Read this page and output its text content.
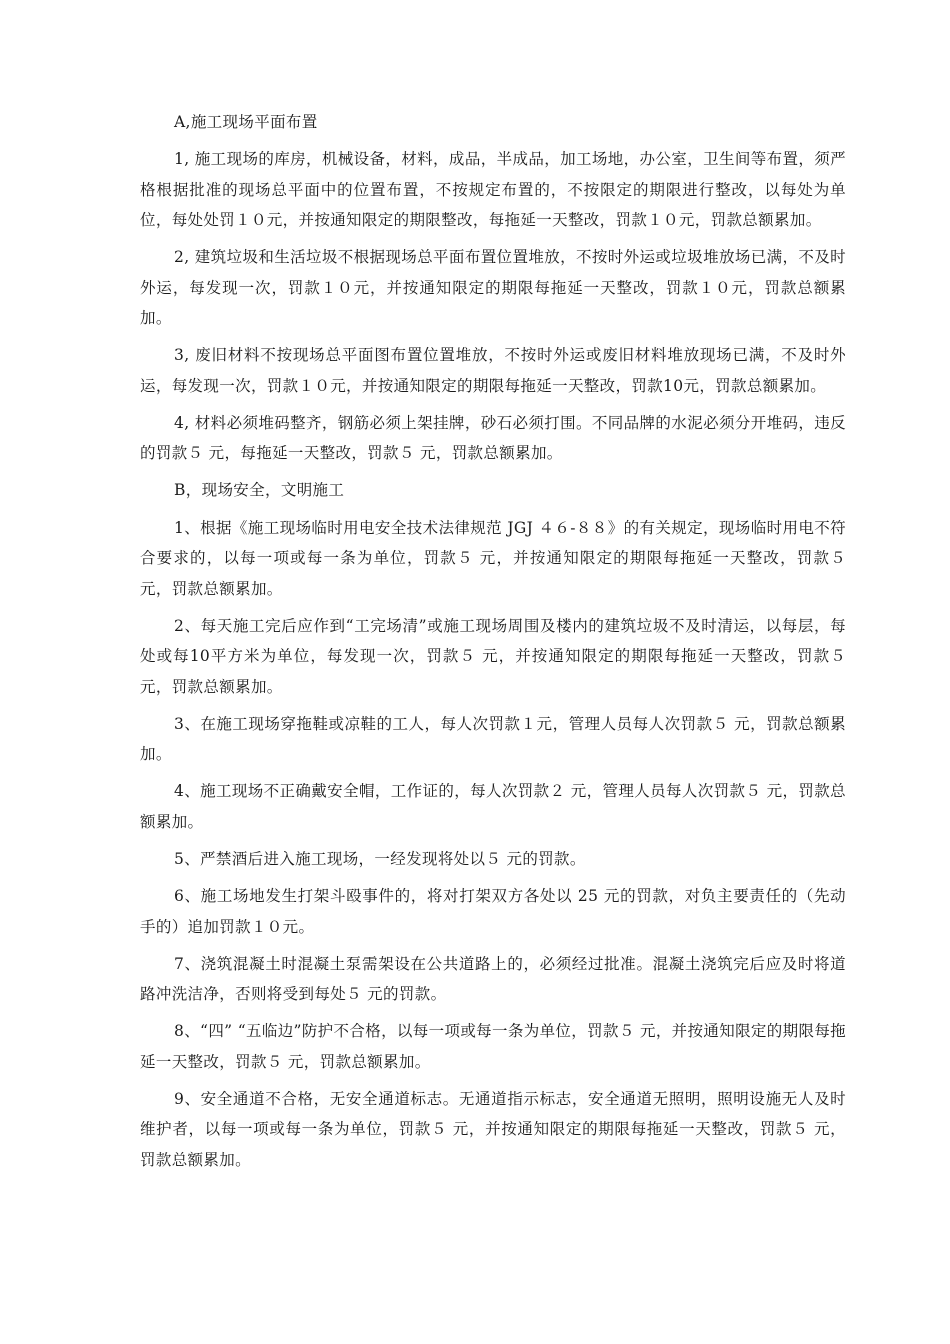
A,施工现场平面布置

1, 施工现场的库房，机械设备，材料，成品，半成品，加工场地，办公室，卫生间等布置，须严格根据批准的现场总平面中的位置布置，不按规定布置的，不按限定的期限进行整改，以每处为单位，每处处罚１０元，并按通知限定的期限整改，每拖延一天整改，罚款１０元，罚款总额累加。

2, 建筑垃圾和生活垃圾不根据现场总平面布置位置堆放，不按时外运或垃圾堆放场已满，不及时外运，每发现一次，罚款１０元，并按通知限定的期限每拖延一天整改，罚款１０元，罚款总额累加。

3, 废旧材料不按现场总平面图布置位置堆放，不按时外运或废旧材料堆放现场已满，不及时外运，每发现一次，罚款１０元，并按通知限定的期限每拖延一天整改，罚款10元，罚款总额累加。

4, 材料必须堆码整齐，钢筋必须上架挂牌，砂石必须打围。不同品牌的水泥必须分开堆码，违反的罚款５ 元，每拖延一天整改，罚款５ 元，罚款总额累加。

B，现场安全，文明施工

1、根据《施工现场临时用电安全技术法律规范 JGJ ４６-８８》的有关规定，现场临时用电不符合要求的，以每一项或每一条为单位，罚款５ 元，并按通知限定的期限每拖延一天整改，罚款５ 元，罚款总额累加。

2、每天施工完后应作到“工完场清”或施工现场周围及楼内的建筑垃圾不及时清运，以每层，每处或每10平方米为单位，每发现一次，罚款５ 元，并按通知限定的期限每拖延一天整改，罚款５ 元，罚款总额累加。

3、在施工现场穿拖鞋或凉鞋的工人，每人次罚款１元，管理人员每人次罚款５ 元，罚款总额累加。

4、施工现场不正确戴安全帽，工作证的，每人次罚款２ 元，管理人员每人次罚款５ 元，罚款总额累加。

5、严禁酒后进入施工现场，一经发现将处以５ 元的罚款。

6、施工场地发生打架斗殴事件的，将对打架双方各处以 25 元的罚款，对负主要责任的（先动手的）追加罚款１０元。

7、浇筑混凝土时混凝土泵需架设在公共道路上的，必须经过批准。混凝土浇筑完后应及时将道路冲洗洁净，否则将受到每处５ 元的罚款。

8、“四” “五临边”防护不合格，以每一项或每一条为单位，罚款５ 元，并按通知限定的期限每拖延一天整改，罚款５ 元，罚款总额累加。

9、安全通道不合格，无安全通道标志。无通道指示标志，安全通道无照明，照明设施无人及时维护者，以每一项或每一条为单位，罚款５ 元，并按通知限定的期限每拖延一天整改，罚款５ 元，罚款总额累加。
